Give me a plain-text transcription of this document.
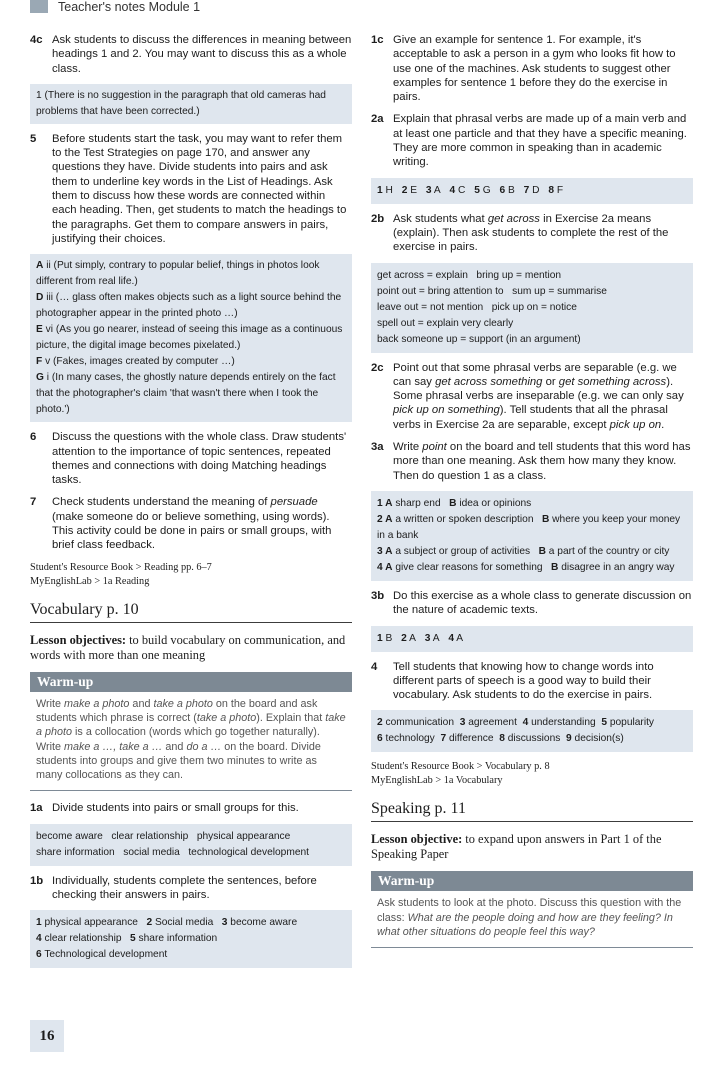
Teacher's notes Module 1
4c Ask students to discuss the differences in meaning between headings 1 and 2. You may want to discuss this as a whole class.
1 (There is no suggestion in the paragraph that old cameras had problems that have been corrected.)
5	Before students start the task, you may want to refer them to the Test Strategies on page 170, and answer any questions they have. Divide students into pairs and ask them to underline key words in the List of Headings. Ask them to discuss how these words are connected within each heading. Then, get students to match the headings to the paragraphs. Get them to compare answers in pairs, justifying their choices.
A ii (Put simply, contrary to popular belief, things in photos look different from real life.)
D iii (… glass often makes objects such as a light source behind the photographer appear in the printed photo …)
E vi (As you go nearer, instead of seeing this image as a continuous picture, the digital image becomes pixelated.)
F v (Fakes, images created by computer …)
G i (In many cases, the ghostly nature depends entirely on the fact that the photographer's claim 'that wasn't there when I took the photo.')
6	Discuss the questions with the whole class. Draw students' attention to the importance of topic sentences, repeated themes and connections with doing Matching headings tasks.
7	Check students understand the meaning of persuade (make someone do or believe something, using words). This activity could be done in pairs or small groups, with brief class feedback.
Student's Resource Book > Reading pp. 6–7
MyEnglishLab > 1a Reading
Vocabulary p. 10
Lesson objectives: to build vocabulary on communication, and words with more than one meaning
Warm-up
Write make a photo and take a photo on the board and ask students which phrase is correct (take a photo). Explain that take a photo is a collocation (words which go together naturally). Write make a …, take a … and do a … on the board. Divide students into groups and give them two minutes to write as many collocations as they can.
1a Divide students into pairs or small groups for this.
become aware clear relationship physical appearance
share information social media technological development
1b Individually, students complete the sentences, before checking their answers in pairs.
1 physical appearance 2 Social media 3 become aware
4 clear relationship 5 share information
6 Technological development
1c Give an example for sentence 1. For example, it's acceptable to ask a person in a gym who looks fit how to use one of the machines. Ask students to suggest other examples for sentence 1 before they do the exercise in pairs.
2a Explain that phrasal verbs are made up of a main verb and at least one particle and that they have a specific meaning. They are more common in speaking than in academic writing.
1 H 2 E 3 A 4 C 5 G 6 B 7 D 8 F
2b Ask students what get across in Exercise 2a means (explain). Then ask students to complete the rest of the exercise in pairs.
get across = explain bring up = mention
point out = bring attention to sum up = summarise
leave out = not mention pick up on = notice
spell out = explain very clearly
back someone up = support (in an argument)
2c Point out that some phrasal verbs are separable (e.g. we can say get across something or get something across). Some phrasal verbs are inseparable (e.g. we can only say pick up on something). Tell students that all the phrasal verbs in Exercise 2a are separable, except pick up on.
3a Write point on the board and tell students that this word has more than one meaning. Ask them how many they know. Then do question 1 as a class.
1 A sharp end B idea or opinions
2 A a written or spoken description B where you keep your money in a bank
3 A a subject or group of activities B a part of the country or city
4 A give clear reasons for something B disagree in an angry way
3b Do this exercise as a whole class to generate discussion on the nature of academic texts.
1 B 2 A 3 A 4 A
4	Tell students that knowing how to change words into different parts of speech is a good way to build their vocabulary. Ask students to do the exercise in pairs.
2 communication 3 agreement 4 understanding 5 popularity
6 technology 7 difference 8 discussions 9 decision(s)
Student's Resource Book > Vocabulary p. 8
MyEnglishLab > 1a Vocabulary
Speaking p. 11
Lesson objective: to expand upon answers in Part 1 of the Speaking Paper
Warm-up
Ask students to look at the photo. Discuss this question with the class: What are the people doing and how are they feeling? In what other situations do people feel this way?
16
